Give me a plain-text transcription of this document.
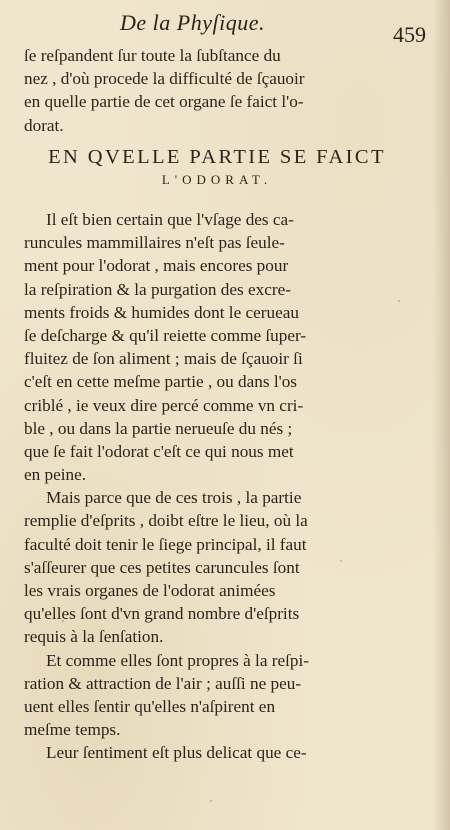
De la Phyſique.	459
ſe reſpandent ſur toute la ſubſtance du
nez , d'où procede la difficulté de ſçauoir
en quelle partie de cet organe ſe faict l'o-
dorat.
EN QVELLE PARTIE SE FAICT
L'ODORAT.
Il eſt bien certain que l'vſage des ca-
runcules mammillaires n'eſt pas ſeule-
ment pour l'odorat , mais encores pour
la reſpiration & la purgation des excre-
ments froids & humides dont le cerueau
ſe deſcharge & qu'il reiette comme ſuper-
fluitez de ſon aliment ; mais de ſçauoir ſi
c'eſt en cette meſme partie , ou dans l'os
criblé , ie veux dire percé comme vn cri-
ble , ou dans la partie nerueuſe du nés ;
que ſe fait l'odorat c'eſt ce qui nous met
en peine.
Mais parce que de ces trois , la partie
remplie d'eſprits , doibt eſtre le lieu, où la
faculté doit tenir le ſiege principal, il faut
s'aſſeurer que ces petites caruncules ſont
les vrais organes de l'odorat animées
qu'elles ſont d'vn grand nombre d'eſprits
requis à la ſenſation.
Et comme elles ſont propres à la reſpi-
ration & attraction de l'air ; auſſi ne peu-
uent elles ſentir qu'elles n'aſpirent en
meſme temps.
Leur ſentiment eſt plus delicat que ce-
